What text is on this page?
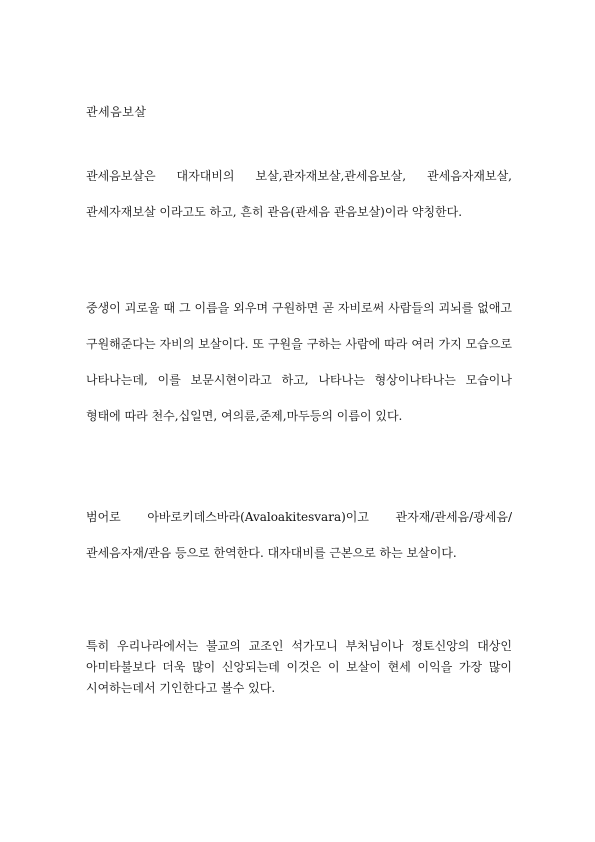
관세음보살
관세음보살은 대자대비의 보살,관자재보살,관세음보살, 관세음자재보살,관세자재보살 이라고도 하고, 흔히 관음(관세음 관음보살)이라 약칭한다.
중생이 괴로울 때 그 이름을 외우며 구원하면 곧 자비로써 사람들의 괴뇌를 없애고 구원해준다는 자비의 보살이다. 또 구원을 구하는 사람에 따라 여러 가지 모습으로 나타나는데, 이를 보문시현이라고 하고, 나타나는 형상이나타나는 모습이나 형태에 따라 천수,십일면, 여의륜,준제,마두등의 이름이 있다.
범어로 아바로키데스바라(Avaloakitesvara)이고 관자재/관세음/광세음/관세음자재/관음 등으로 한역한다. 대자대비를 근본으로 하는 보살이다.
특히 우리나라에서는 불교의 교조인 석가모니 부처님이나 정토신앙의 대상인 아미타불보다 더욱 많이 신앙되는데 이것은 이 보살이 현세 이익을 가장 많이 시여하는데서 기인한다고 볼수 있다.
